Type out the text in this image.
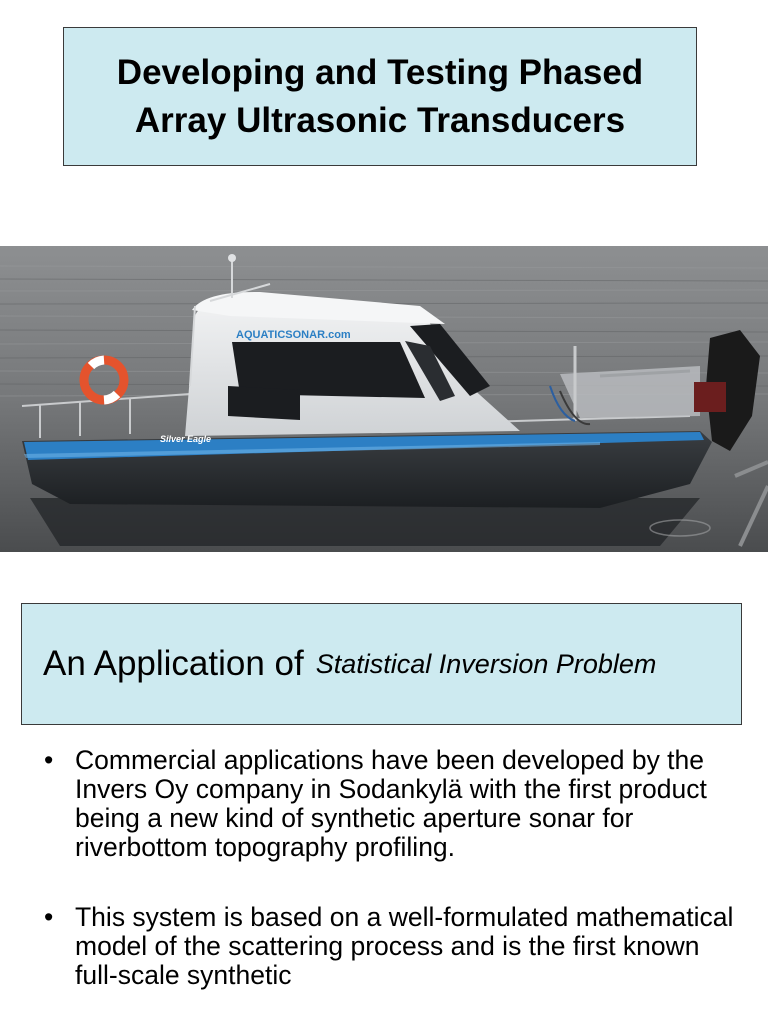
Developing and Testing Phased
Array Ultrasonic Transducers
AQUATICSONAR.com
Silver Eagle
An Application of Statistical Inversion Problem
• Commercial applications have been developed by the Invers Oy company in Sodankylä with the first product being a new kind of synthetic aperture sonar for riverbottom topography profiling.
• This system is based on a well-formulated mathematical model of the scattering process and is the first known full-scale synthetic
